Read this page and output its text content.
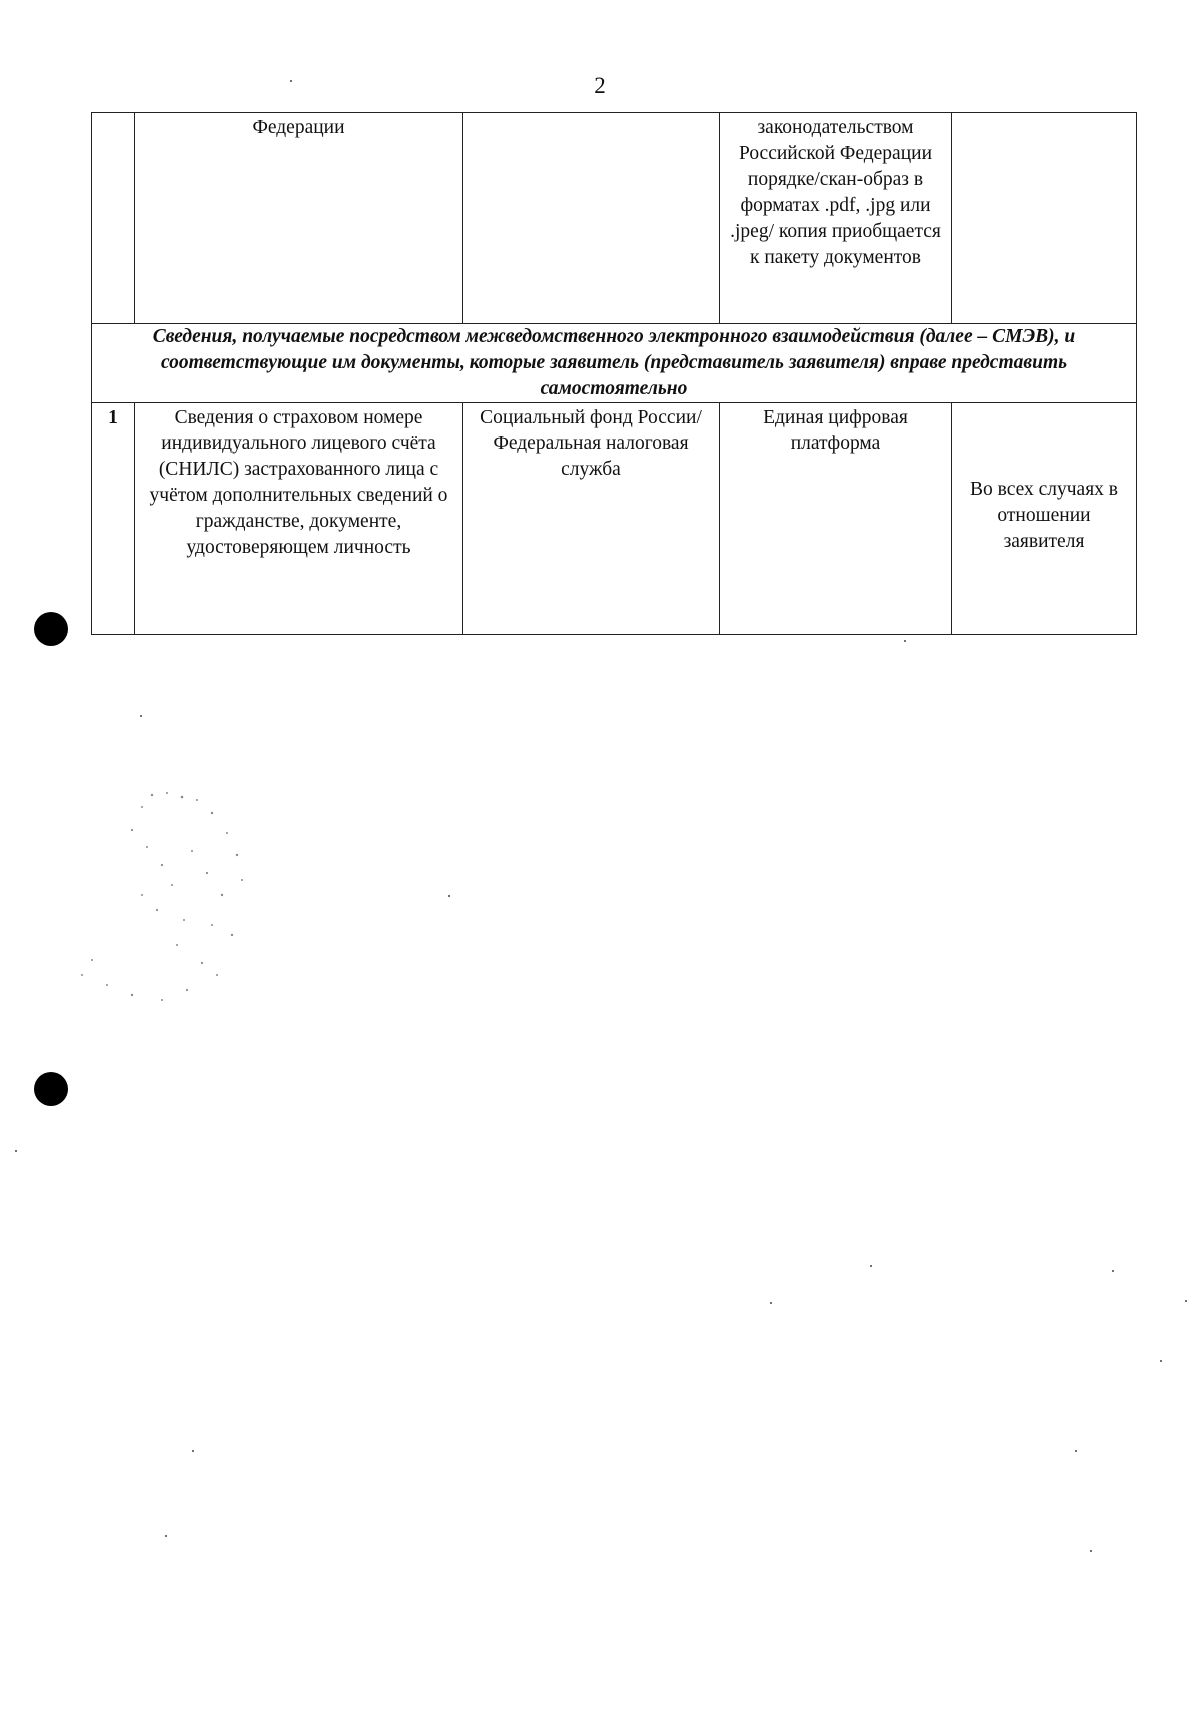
2
	Федерации		законодательством Российской Федерации порядке/скан-образ в форматах .pdf, .jpg или .jpeg/ копия приобщается к пакету документов	
Сведения, получаемые посредством межведомственного электронного взаимодействия (далее – СМЭВ), и соответствующие им документы, которые заявитель (представитель заявителя) вправе представить самостоятельно				
1	Сведения о страховом номере индивидуального лицевого счёта (СНИЛС) застрахованного лица с учётом дополнительных сведений о гражданстве, документе, удостоверяющем личность	Социальный фонд России/Федеральная налоговая служба	Единая цифровая платформа	Во всех случаях в отношении заявителя
